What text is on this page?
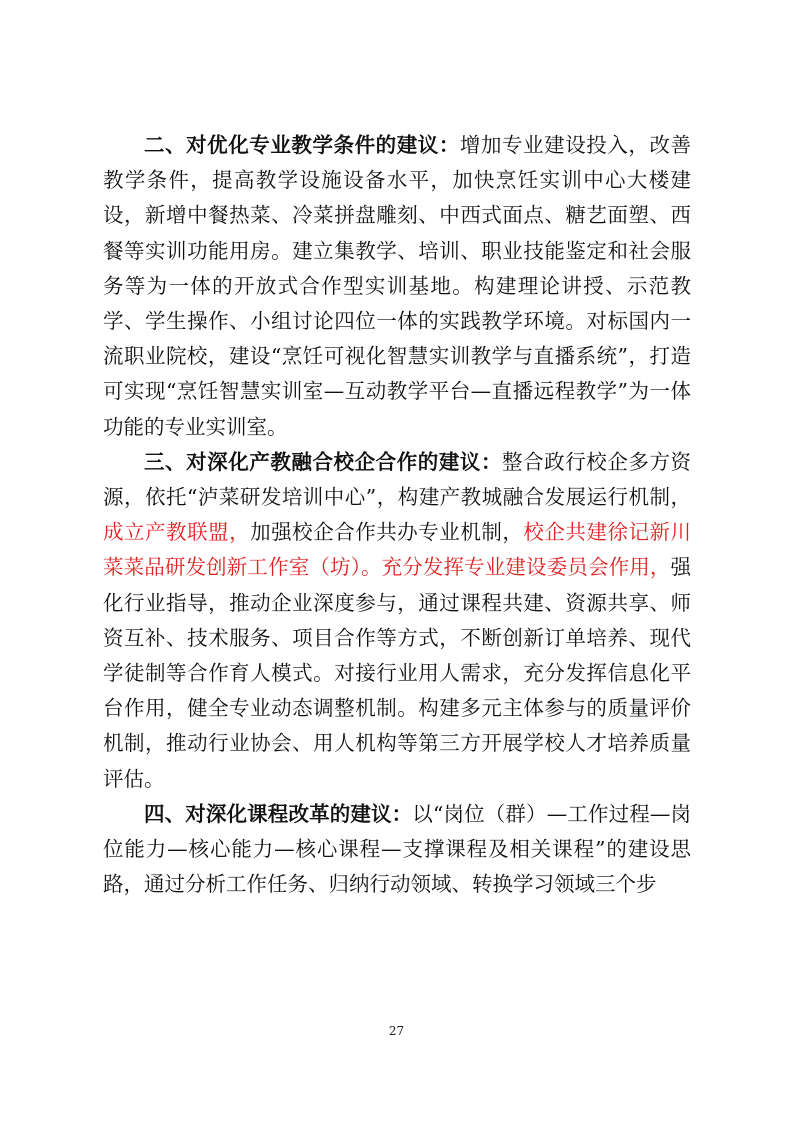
二、对优化专业教学条件的建议：增加专业建设投入，改善教学条件，提高教学设施设备水平，加快烹饪实训中心大楼建设，新增中餐热菜、冷菜拼盘雕刻、中西式面点、糖艺面塑、西餐等实训功能用房。建立集教学、培训、职业技能鉴定和社会服务等为一体的开放式合作型实训基地。构建理论讲授、示范教学、学生操作、小组讨论四位一体的实践教学环境。对标国内一流职业院校，建设“烹饪可视化智慧实训教学与直播系统”，打造可实现“烹饪智慧实训室—互动教学平台—直播远程教学”为一体功能的专业实训室。

三、对深化产教融合校企合作的建议：整合政行校企多方资源，依托“泸菜研发培训中心”，构建产教城融合发展运行机制，成立产教联盟，加强校企合作共办专业机制，校企共建徐记新川菜菜品研发创新工作室（坊）。充分发挥专业建设委员会作用，强化行业指导，推动企业深度参与，通过课程共建、资源共享、师资互补、技术服务、项目合作等方式，不断创新订单培养、现代学徒制等合作育人模式。对接行业用人需求，充分发挥信息化平台作用，健全专业动态调整机制。构建多元主体参与的质量评价机制，推动行业协会、用人机构等第三方开展学校人才培养质量评估。

四、对深化课程改革的建议：以“岗位（群）—工作过程—岗位能力—核心能力—核心课程—支撑课程及相关课程”的建设思路，通过分析工作任务、归纳行动领域、转换学习领域三个步

27
